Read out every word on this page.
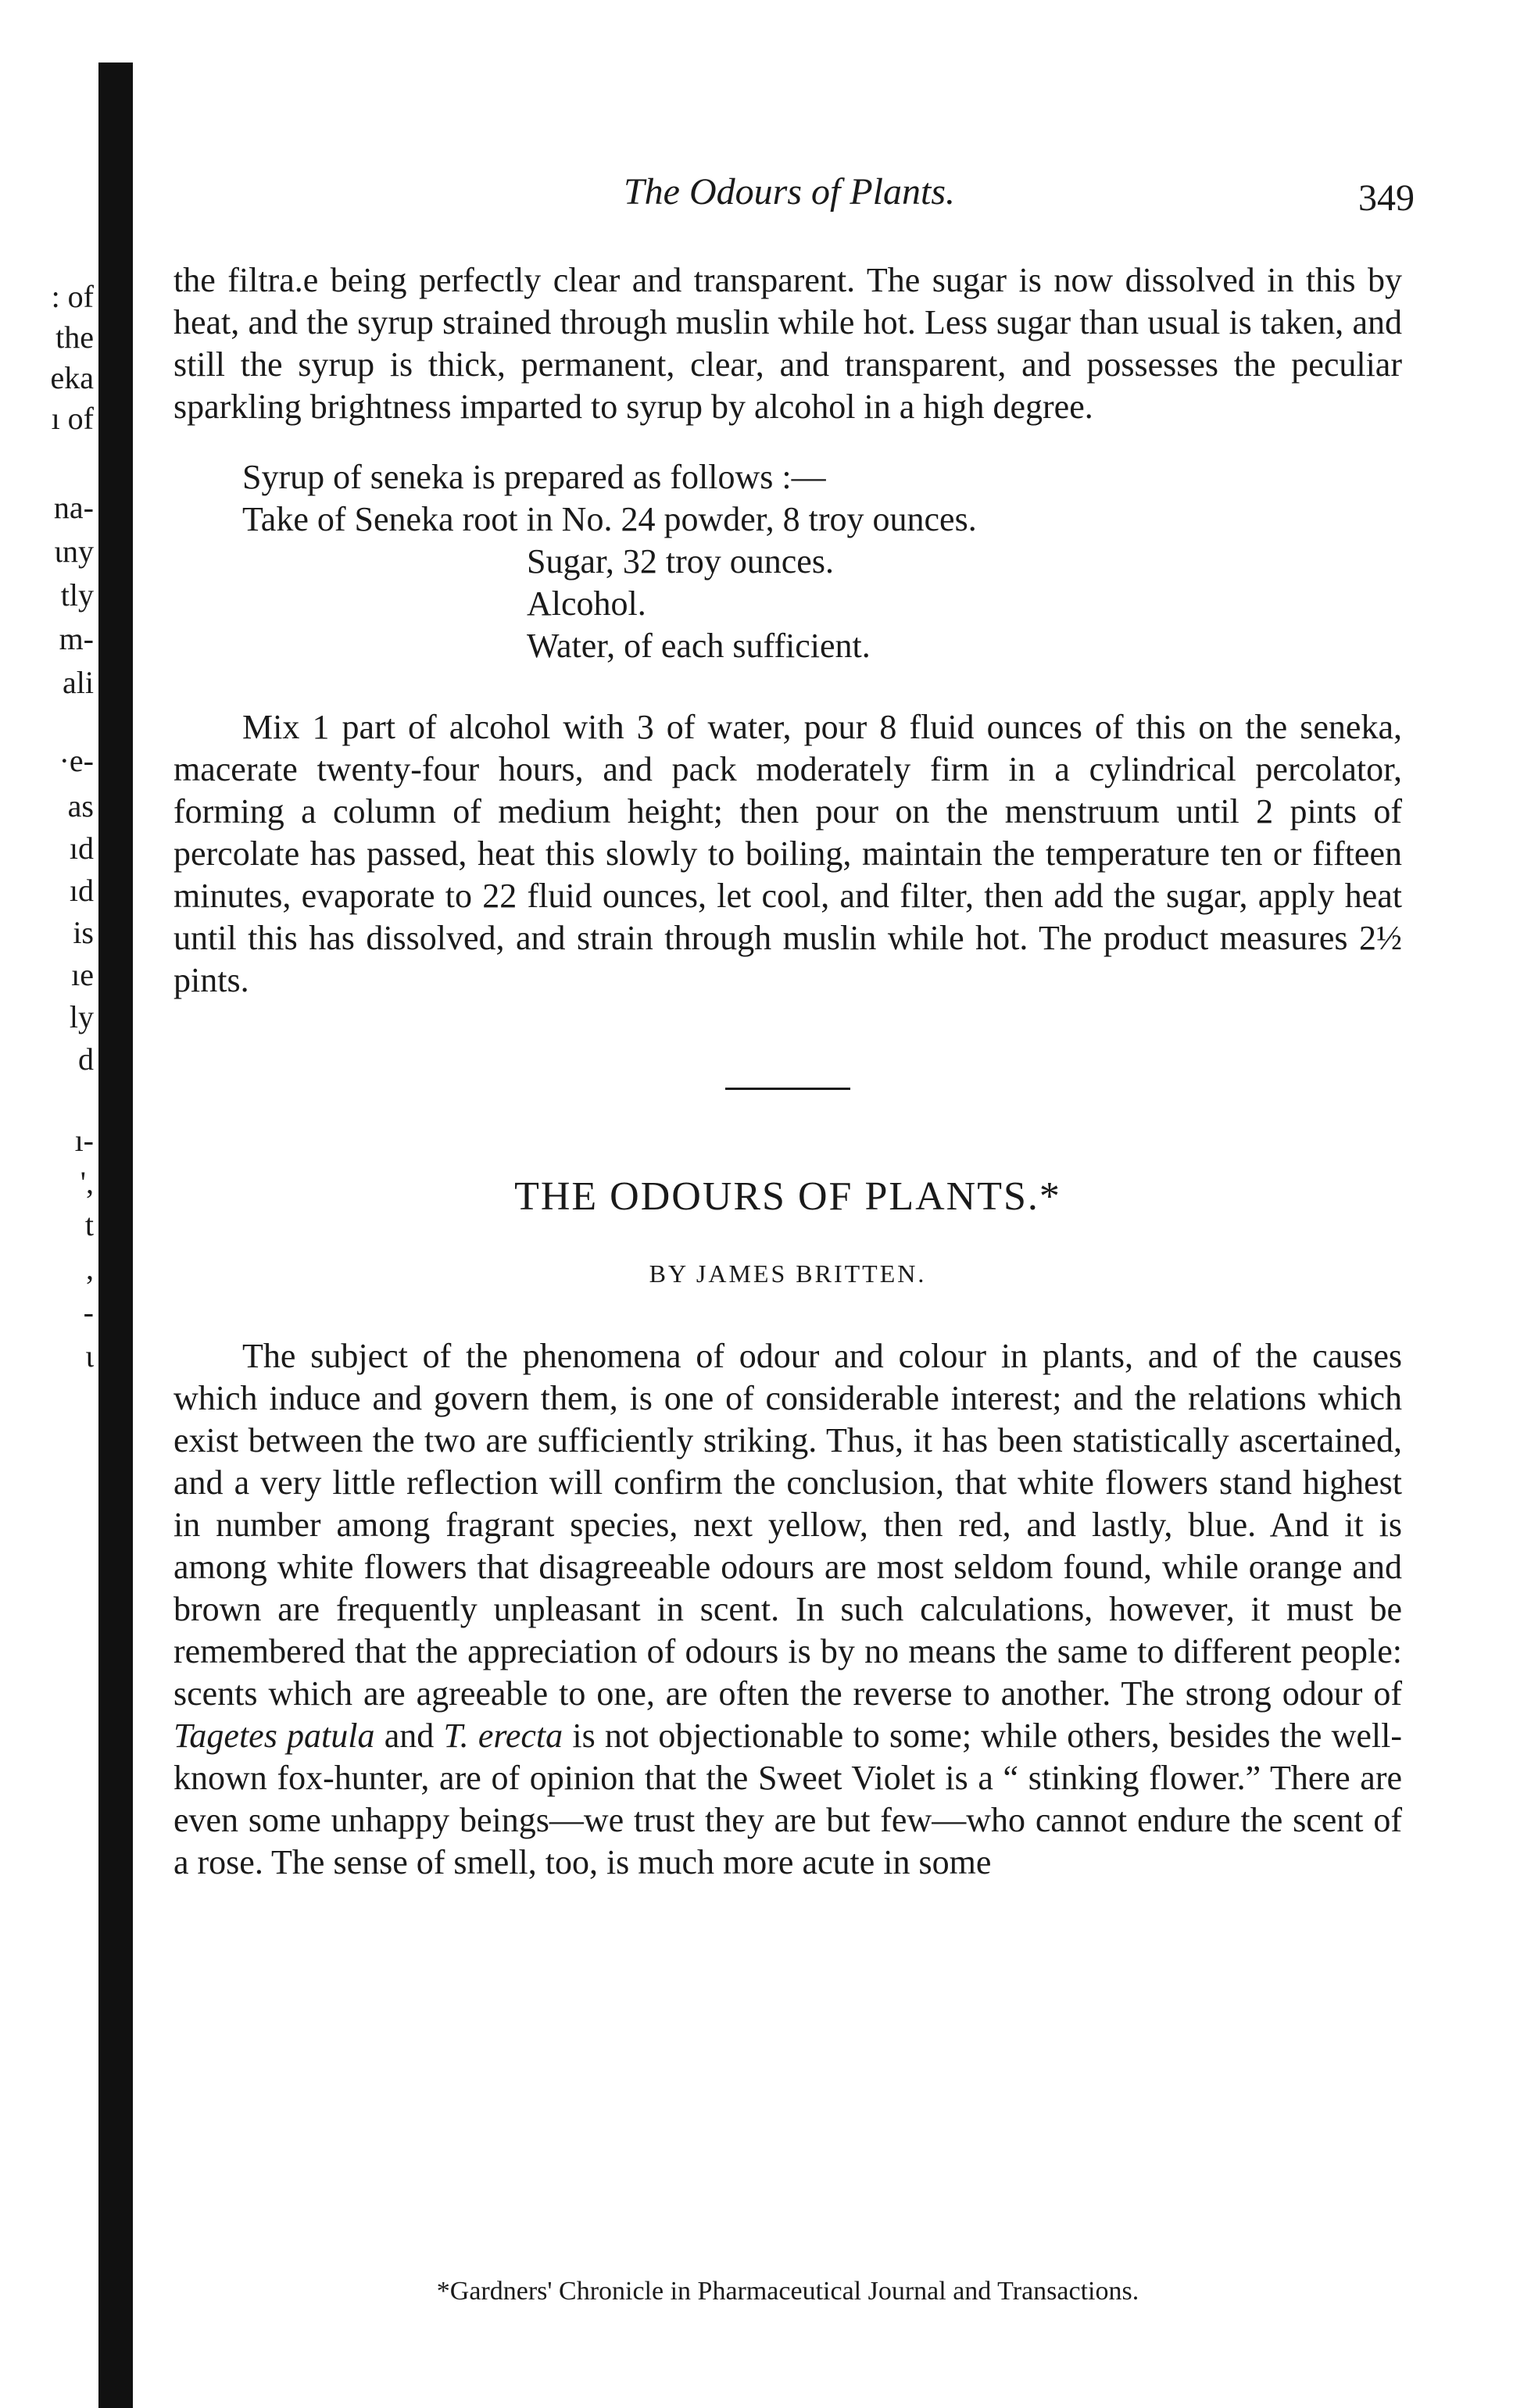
: of
the
eka
ı of
na-
ιny
tly
m-
ali
·e-
as
ıd
ıd
is
ıe
ly
d
ı-
',
t
,
-
ι
The Odours of Plants.	349

the filtra.e being perfectly clear and transparent. The sugar is now dissolved in this by heat, and the syrup strained through muslin while hot. Less sugar than usual is taken, and still the syrup is thick, permanent, clear, and transparent, and possesses the peculiar sparkling brightness imparted to syrup by alcohol in a high degree.

Syrup of seneka is prepared as follows :—
Take of Seneka root in No. 24 powder, 8 troy ounces.
Sugar, 32 troy ounces.
Alcohol.
Water, of each sufficient.

Mix 1 part of alcohol with 3 of water, pour 8 fluid ounces of this on the seneka, macerate twenty-four hours, and pack moderately firm in a cylindrical percolator, forming a column of medium height; then pour on the menstruum until 2 pints of percolate has passed, heat this slowly to boiling, maintain the temperature ten or fifteen minutes, evaporate to 22 fluid ounces, let cool, and filter, then add the sugar, apply heat until this has dissolved, and strain through muslin while hot. The product measures 2½ pints.

THE ODOURS OF PLANTS.*
BY JAMES BRITTEN.

The subject of the phenomena of odour and colour in plants, and of the causes which induce and govern them, is one of considerable interest; and the relations which exist between the two are sufficiently striking. Thus, it has been statistically ascertained, and a very little reflection will confirm the conclusion, that white flowers stand highest in number among fragrant species, next yellow, then red, and lastly, blue. And it is among white flowers that disagreeable odours are most seldom found, while orange and brown are frequently unpleasant in scent. In such calculations, however, it must be remembered that the appreciation of odours is by no means the same to different people: scents which are agreeable to one, are often the reverse to another. The strong odour of Tagetes patula and T. erecta is not objectionable to some; while others, besides the well-known fox-hunter, are of opinion that the Sweet Violet is a “ stinking flower.” There are even some unhappy beings—we trust they are but few—who cannot endure the scent of a rose. The sense of smell, too, is much more acute in some

*Gardners' Chronicle in Pharmaceutical Journal and Transactions.
